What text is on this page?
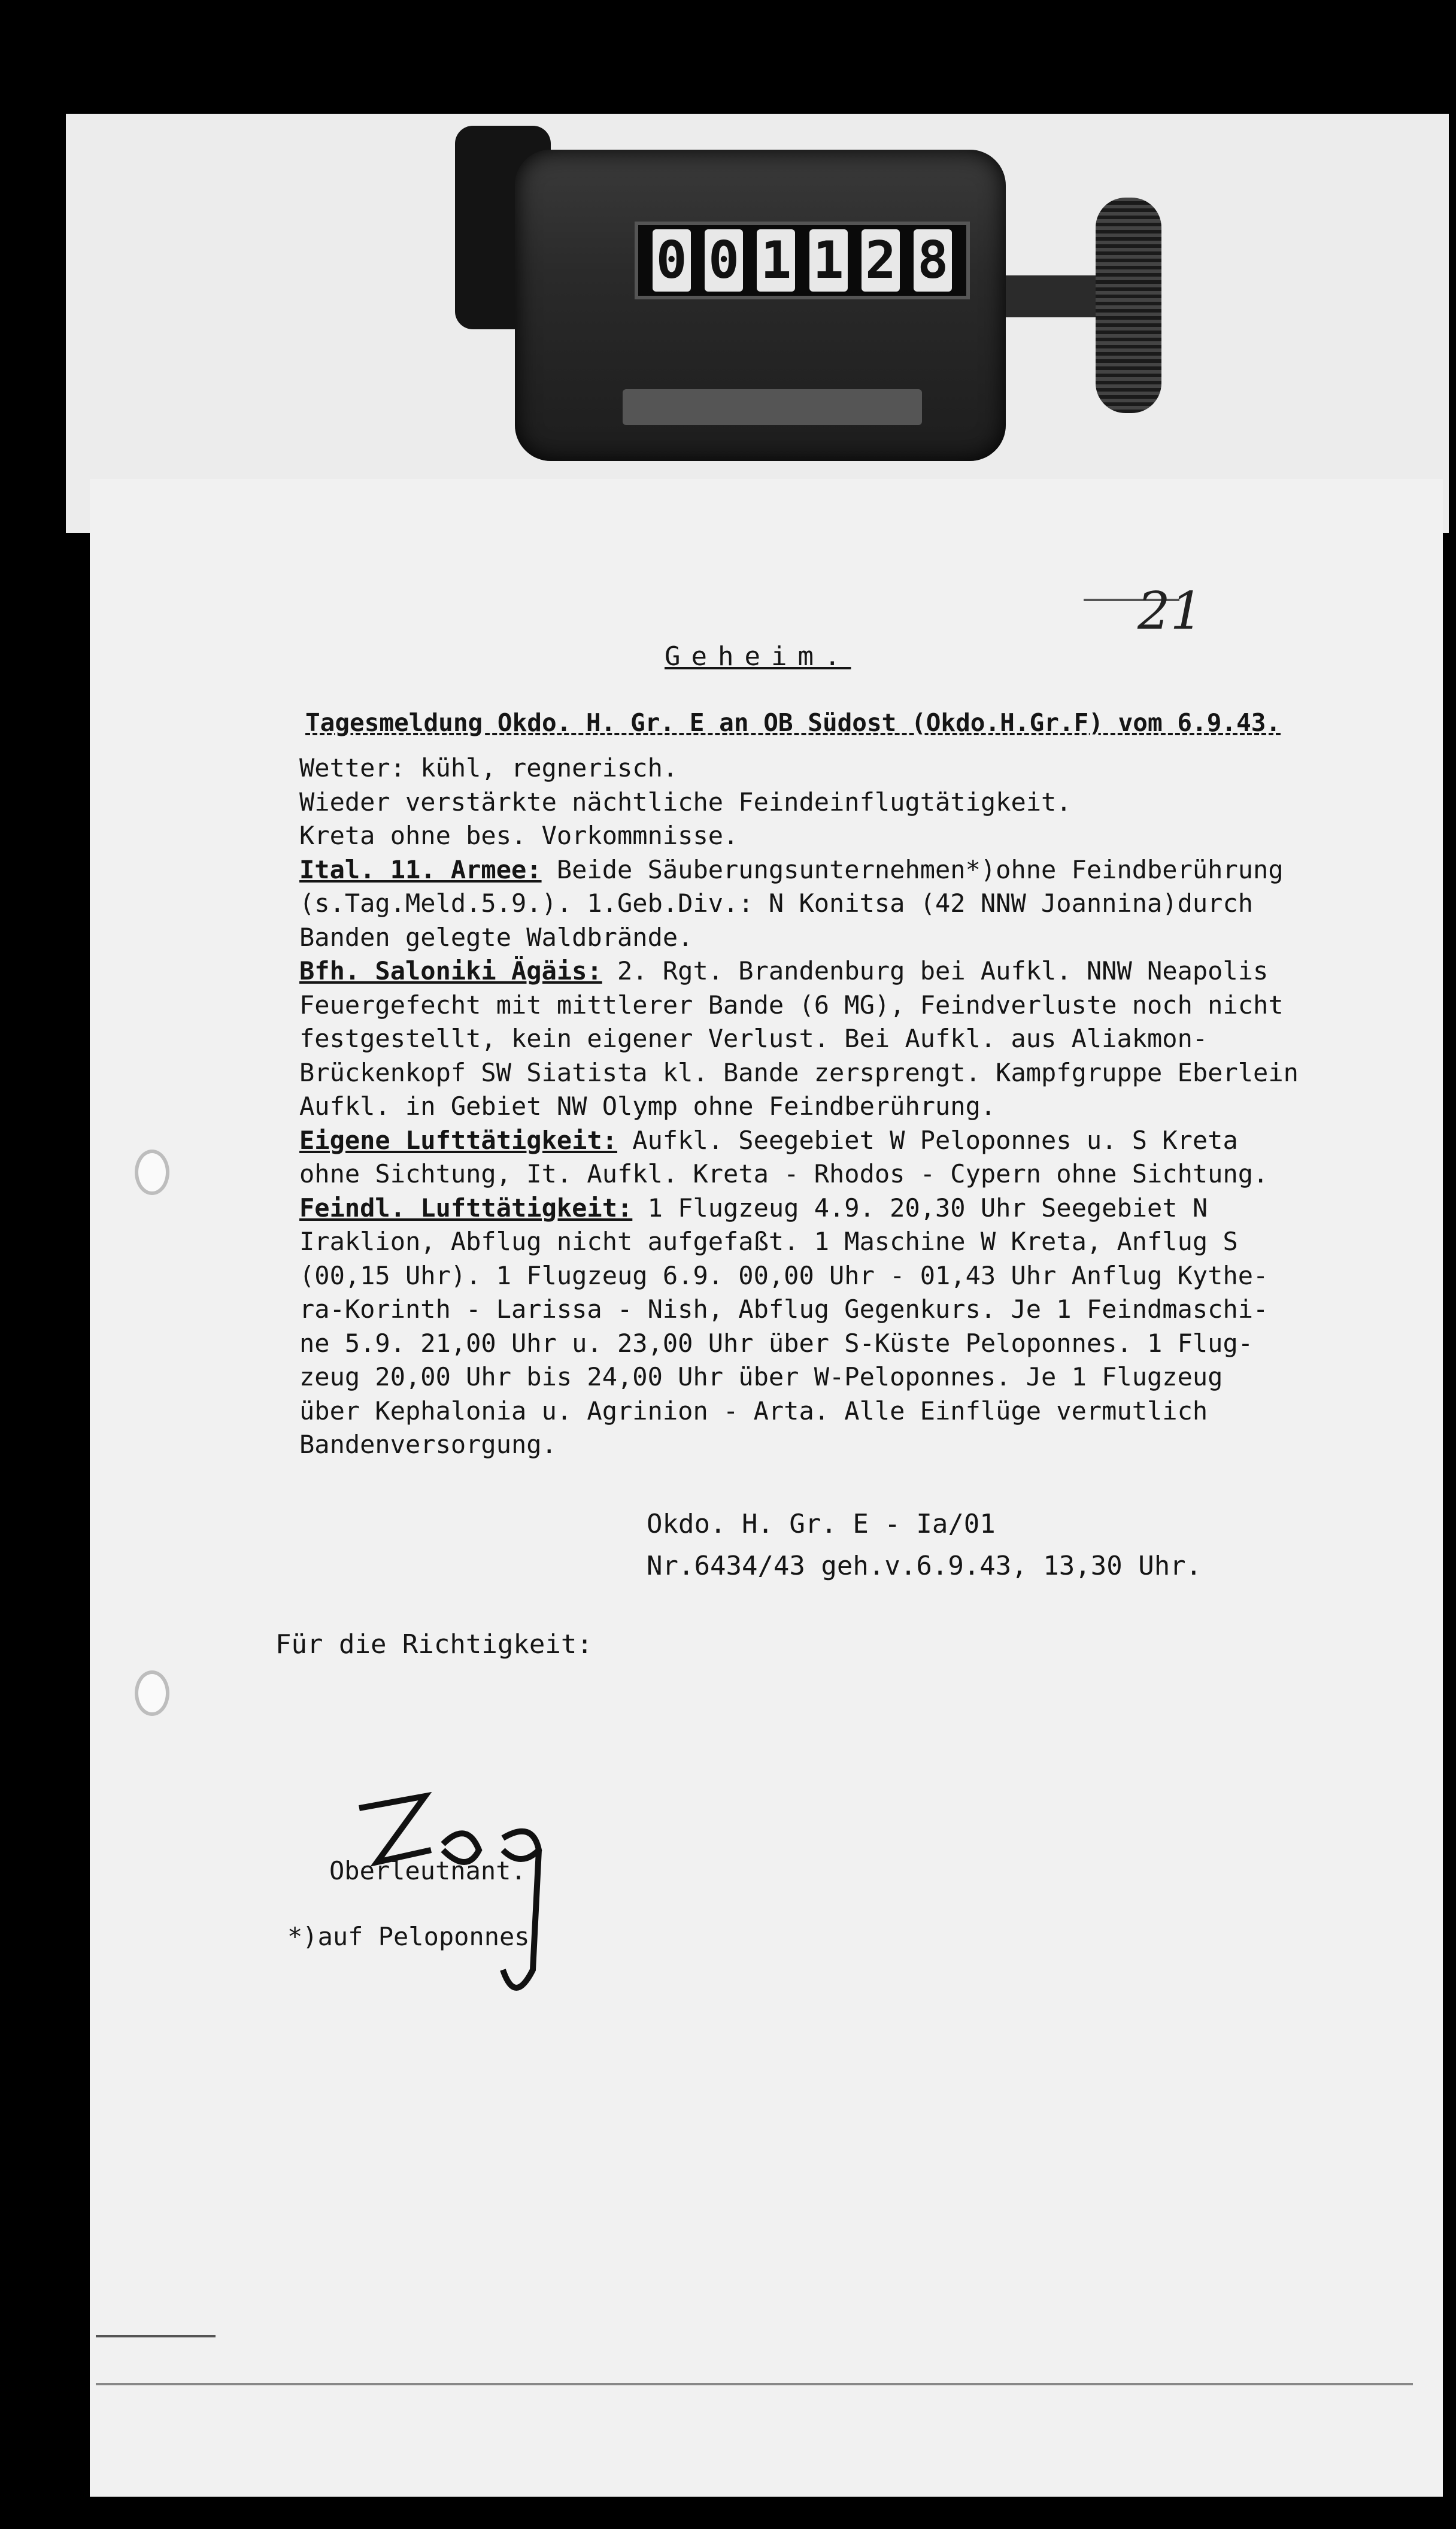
0 0 1 1 2 8
21
Geheim.
Tagesmeldung Okdo. H. Gr. E an OB Südost (Okdo.H.Gr.F) vom 6.9.43.
Wetter: kühl, regnerisch.
Wieder verstärkte nächtliche Feindeinflugtätigkeit.
Kreta ohne bes. Vorkommnisse.
Ital. 11. Armee: Beide Säuberungsunternehmen*)ohne Feindberührung
(s.Tag.Meld.5.9.). 1.Geb.Div.: N Konitsa (42 NNW Joannina)durch
Banden gelegte Waldbrände.
Bfh. Saloniki Ägäis: 2. Rgt. Brandenburg bei Aufkl. NNW Neapolis
Feuergefecht mit mittlerer Bande (6 MG), Feindverluste noch nicht
festgestellt, kein eigener Verlust. Bei Aufkl. aus Aliakmon-
Brückenkopf SW Siatista kl. Bande zersprengt. Kampfgruppe Eberlein
Aufkl. in Gebiet NW Olymp ohne Feindberührung.
Eigene Lufttätigkeit: Aufkl. Seegebiet W Peloponnes u. S Kreta
ohne Sichtung, It. Aufkl. Kreta - Rhodos - Cypern ohne Sichtung.
Feindl. Lufttätigkeit: 1 Flugzeug 4.9. 20,30 Uhr Seegebiet N
Iraklion, Abflug nicht aufgefaßt. 1 Maschine W Kreta, Anflug S
(00,15 Uhr). 1 Flugzeug 6.9. 00,00 Uhr - 01,43 Uhr Anflug Kythe-
ra-Korinth - Larissa - Nish, Abflug Gegenkurs. Je 1 Feindmaschi-
ne 5.9. 21,00 Uhr u. 23,00 Uhr über S-Küste Peloponnes. 1 Flug-
zeug 20,00 Uhr bis 24,00 Uhr über W-Peloponnes. Je 1 Flugzeug
über Kephalonia u. Agrinion - Arta. Alle Einflüge vermutlich
Bandenversorgung.
Okdo. H. Gr. E - Ia/01
Nr.6434/43 geh.v.6.9.43, 13,30 Uhr.
Für die Richtigkeit:
Oberleutnant.
*)auf Peloponnes
